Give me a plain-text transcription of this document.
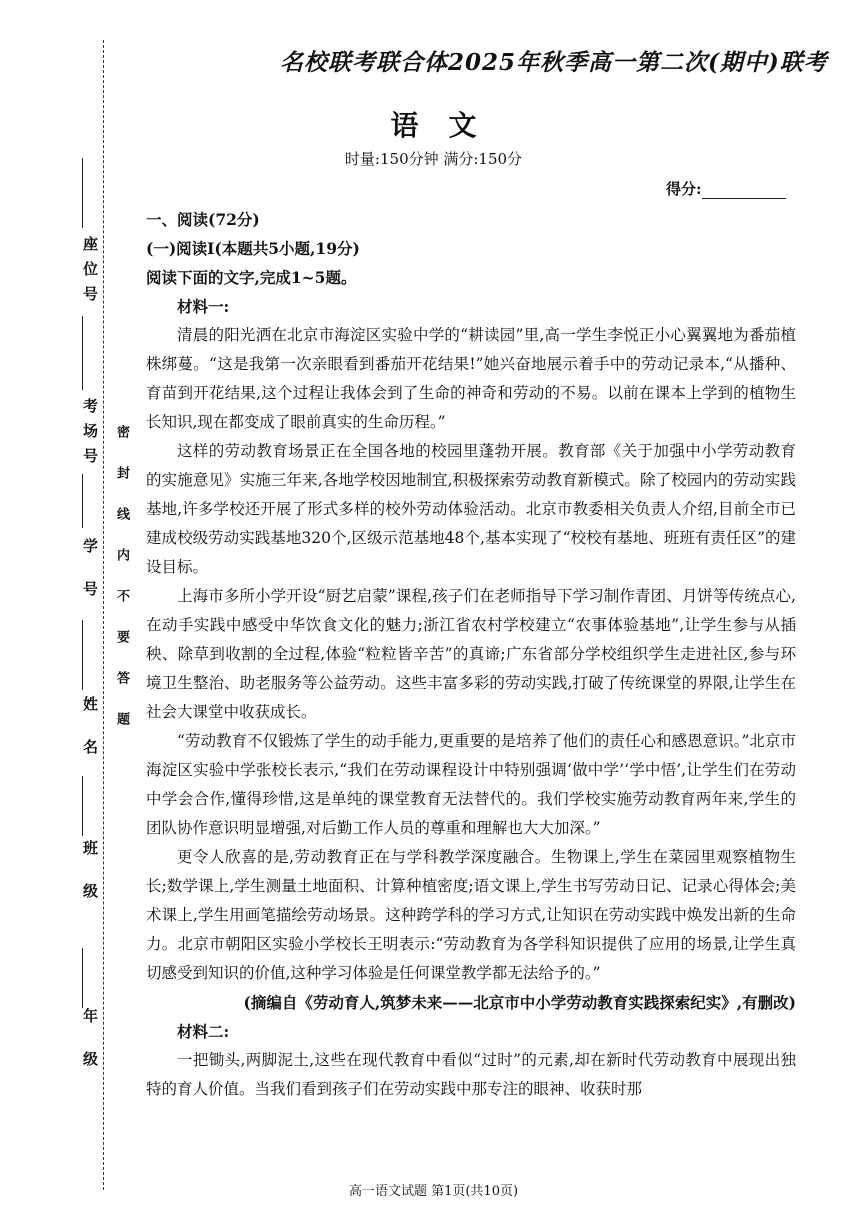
座位号
考场号
学号
姓名
班级
年级
密封线内不要答题
名校联考联合体2025年秋季高一第二次(期中)联考
语文
时量:150分钟 满分:150分
得分:

一、阅读(72分)

(一)阅读Ⅰ(本题共5小题,19分)

阅读下面的文字,完成1~5题。

材料一:

清晨的阳光洒在北京市海淀区实验中学的“耕读园”里,高一学生李悦正小心翼翼地为番茄植株绑蔓。“这是我第一次亲眼看到番茄开花结果!”她兴奋地展示着手中的劳动记录本,“从播种、育苗到开花结果,这个过程让我体会到了生命的神奇和劳动的不易。以前在课本上学到的植物生长知识,现在都变成了眼前真实的生命历程。”

这样的劳动教育场景正在全国各地的校园里蓬勃开展。教育部《关于加强中小学劳动教育的实施意见》实施三年来,各地学校因地制宜,积极探索劳动教育新模式。除了校园内的劳动实践基地,许多学校还开展了形式多样的校外劳动体验活动。北京市教委相关负责人介绍,目前全市已建成校级劳动实践基地320个,区级示范基地48个,基本实现了“校校有基地、班班有责任区”的建设目标。

上海市多所小学开设“厨艺启蒙”课程,孩子们在老师指导下学习制作青团、月饼等传统点心,在动手实践中感受中华饮食文化的魅力;浙江省农村学校建立“农事体验基地”,让学生参与从插秧、除草到收割的全过程,体验“粒粒皆辛苦”的真谛;广东省部分学校组织学生走进社区,参与环境卫生整治、助老服务等公益劳动。这些丰富多彩的劳动实践,打破了传统课堂的界限,让学生在社会大课堂中收获成长。

“劳动教育不仅锻炼了学生的动手能力,更重要的是培养了他们的责任心和感恩意识。”北京市海淀区实验中学张校长表示,“我们在劳动课程设计中特别强调‘做中学’‘学中悟’,让学生们在劳动中学会合作,懂得珍惜,这是单纯的课堂教育无法替代的。我们学校实施劳动教育两年来,学生的团队协作意识明显增强,对后勤工作人员的尊重和理解也大大加深。”

更令人欣喜的是,劳动教育正在与学科教学深度融合。生物课上,学生在菜园里观察植物生长;数学课上,学生测量土地面积、计算种植密度;语文课上,学生书写劳动日记、记录心得体会;美术课上,学生用画笔描绘劳动场景。这种跨学科的学习方式,让知识在劳动实践中焕发出新的生命力。北京市朝阳区实验小学校长王明表示:“劳动教育为各学科知识提供了应用的场景,让学生真切感受到知识的价值,这种学习体验是任何课堂教学都无法给予的。”

(摘编自《劳动育人,筑梦未来——北京市中小学劳动教育实践探索纪实》,有删改)

材料二:

一把锄头,两脚泥土,这些在现代教育中看似“过时”的元素,却在新时代劳动教育中展现出独特的育人价值。当我们看到孩子们在劳动实践中那专注的眼神、收获时那

高一语文试题 第1页(共10页)
